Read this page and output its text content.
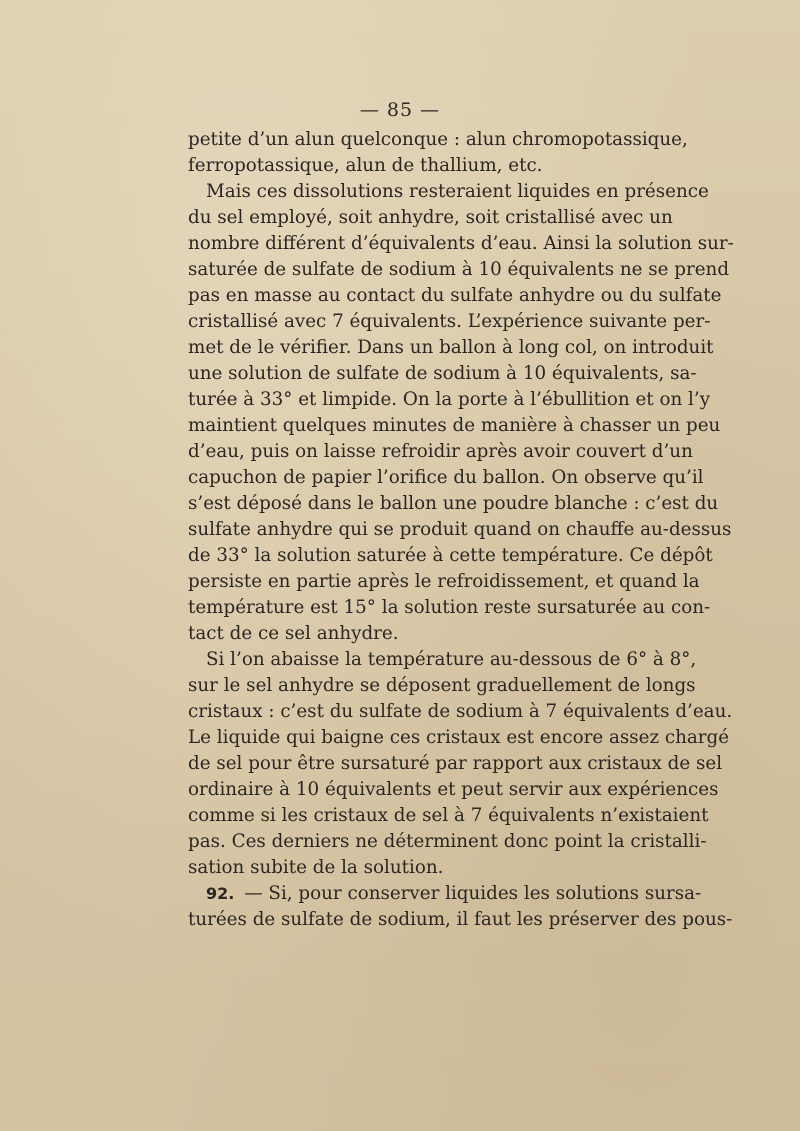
— 85 —
petite d’un alun quelconque : alun chromopotassique,
ferropotassique, alun de thallium, etc.
Mais ces dissolutions resteraient liquides en présence
du sel employé, soit anhydre, soit cristallisé avec un
nombre différent d’équivalents d’eau. Ainsi la solution sur-
saturée de sulfate de sodium à 10 équivalents ne se prend
pas en masse au contact du sulfate anhydre ou du sulfate
cristallisé avec 7 équivalents. L’expérience suivante per-
met de le vérifier. Dans un ballon à long col, on introduit
une solution de sulfate de sodium à 10 équivalents, sa-
turée à 33° et limpide. On la porte à l’ébullition et on l’y
maintient quelques minutes de manière à chasser un peu
d’eau, puis on laisse refroidir après avoir couvert d’un
capuchon de papier l’orifice du ballon. On observe qu’il
s’est déposé dans le ballon une poudre blanche : c’est du
sulfate anhydre qui se produit quand on chauffe au-dessus
de 33° la solution saturée à cette température. Ce dépôt
persiste en partie après le refroidissement, et quand la
température est 15° la solution reste sursaturée au con-
tact de ce sel anhydre.
Si l’on abaisse la température au-dessous de 6° à 8°,
sur le sel anhydre se déposent graduellement de longs
cristaux : c’est du sulfate de sodium à 7 équivalents d’eau.
Le liquide qui baigne ces cristaux est encore assez chargé
de sel pour être sursaturé par rapport aux cristaux de sel
ordinaire à 10 équivalents et peut servir aux expériences
comme si les cristaux de sel à 7 équivalents n’existaient
pas. Ces derniers ne déterminent donc point la cristalli-
sation subite de la solution.
92. — Si, pour conserver liquides les solutions sursa-
turées de sulfate de sodium, il faut les préserver des pous-
